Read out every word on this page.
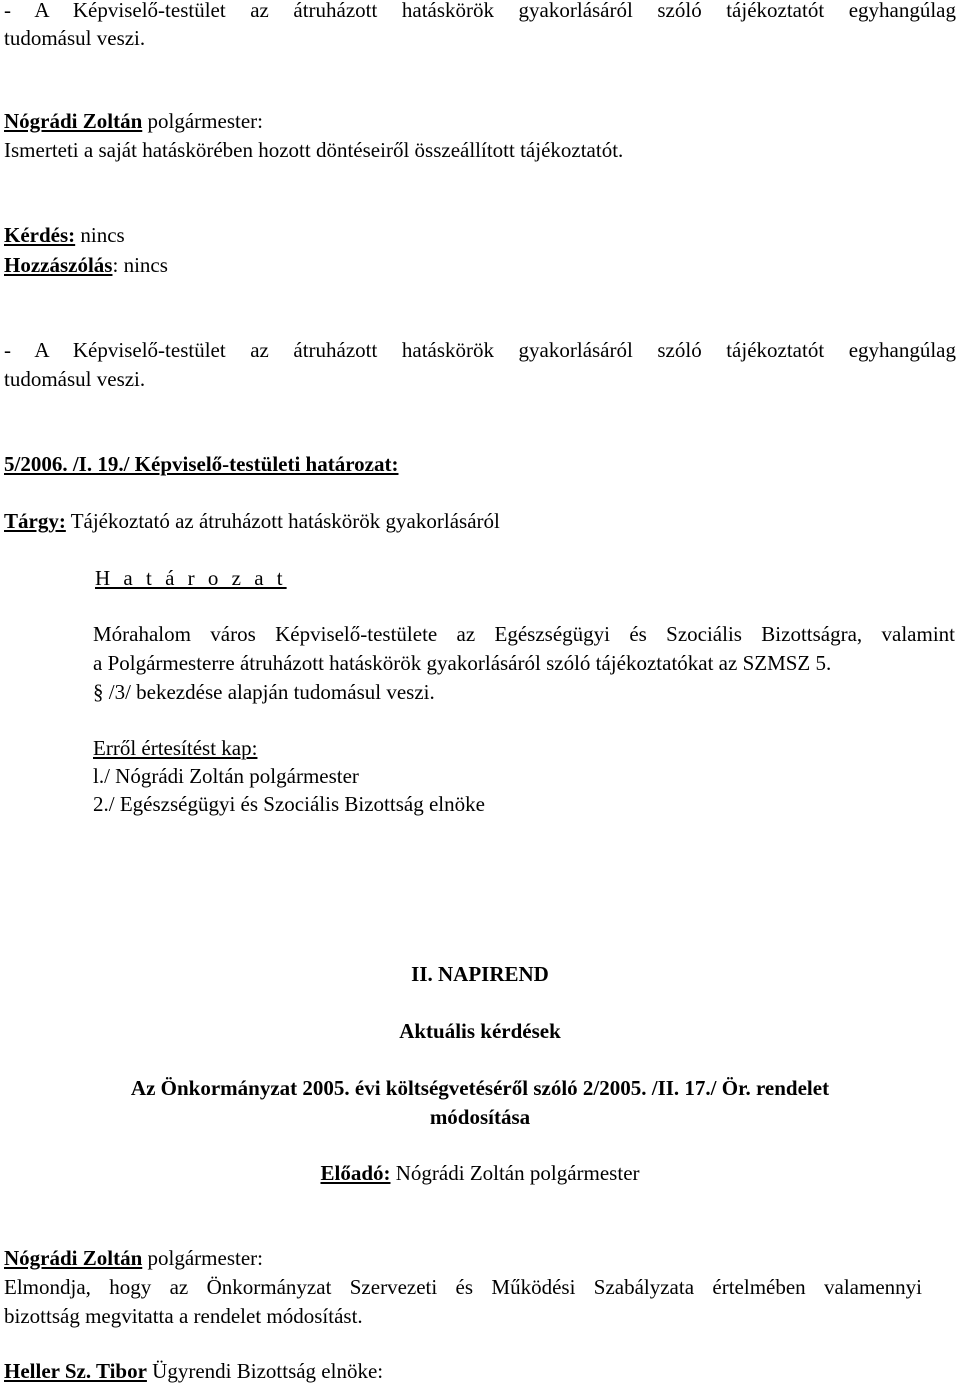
- A Képviselő-testület az átruházott hatáskörök gyakorlásáról szóló tájékoztatót egyhangúlag
tudomásul veszi.
Nógrádi Zoltán polgármester:
Ismerteti a saját hatáskörében hozott döntéseiről összeállított tájékoztatót.
Kérdés: nincs
Hozzászólás: nincs
- A Képviselő-testület az átruházott hatáskörök gyakorlásáról szóló tájékoztatót egyhangúlag
tudomásul veszi.
5/2006. /I. 19./ Képviselő-testületi határozat:
Tárgy: Tájékoztató az átruházott hatáskörök gyakorlásáról
H a t á r o z a t
Mórahalom város Képviselő-testülete az Egészségügyi és Szociális Bizottságra, valamint
a Polgármesterre átruházott hatáskörök gyakorlásáról szóló tájékoztatókat az SZMSZ 5.
§ /3/ bekezdése alapján tudomásul veszi.
Erről értesítést kap:
l./ Nógrádi Zoltán polgármester
2./ Egészségügyi és Szociális Bizottság elnöke
II. NAPIREND
Aktuális kérdések
Az Önkormányzat 2005. évi költségvetéséről szóló 2/2005. /II. 17./ Ör. rendelet
módosítása
Előadó: Nógrádi Zoltán polgármester
Nógrádi Zoltán polgármester:
Elmondja, hogy az Önkormányzat Szervezeti és Működési Szabályzata értelmében valamennyi
bizottság megvitatta a rendelet módosítást.
Heller Sz. Tibor Ügyrendi Bizottság elnöke:
